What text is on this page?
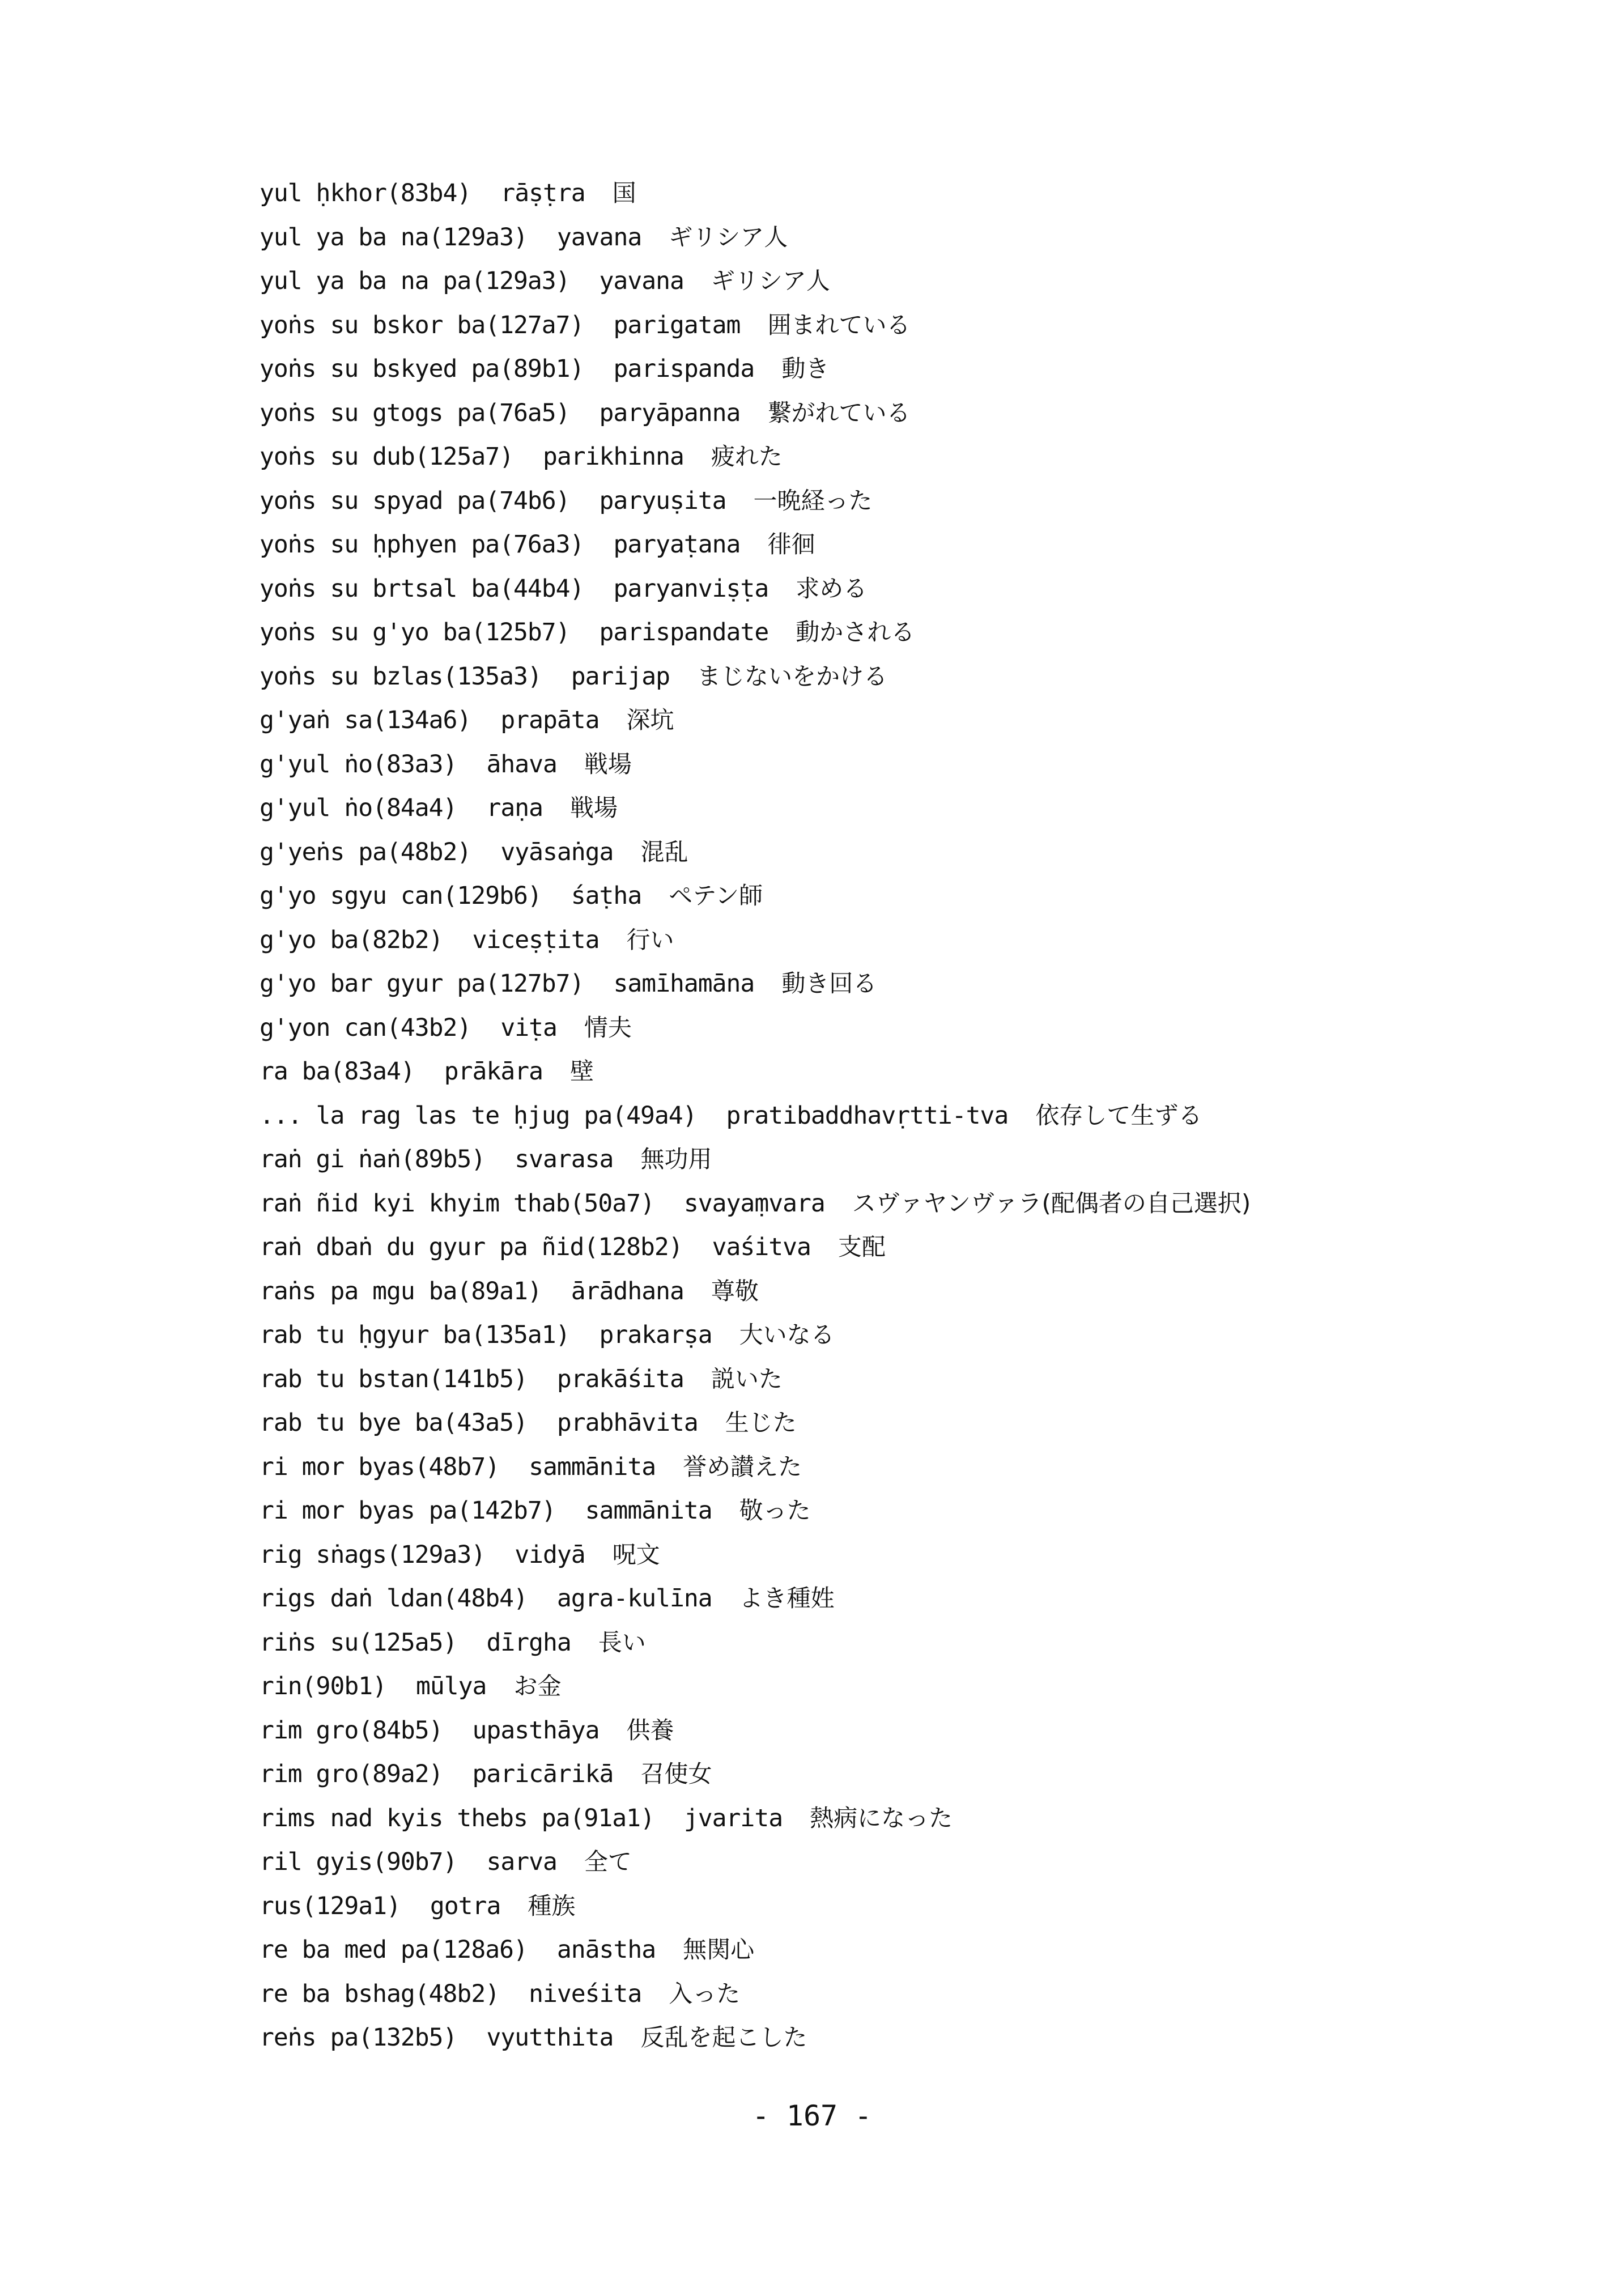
yul ḥkhor(83b4) rāṣṭra 国
yul ya ba na(129a3) yavana ギリシア人
yul ya ba na pa(129a3) yavana ギリシア人
yoṅs su bskor ba(127a7) parigatam 囲まれている
yoṅs su bskyed pa(89b1) parispanda 動き
yoṅs su gtogs pa(76a5) paryāpanna 繋がれている
yoṅs su dub(125a7) parikhinna 疲れた
yoṅs su spyad pa(74b6) paryuṣita 一晩経った
yoṅs su ḥphyen pa(76a3) paryaṭana 徘徊
yoṅs su brtsal ba(44b4) paryanviṣṭa 求める
yoṅs su g'yo ba(125b7) parispandate 動かされる
yoṅs su bzlas(135a3) parijap まじないをかける
g'yaṅ sa(134a6) prapāta 深坑
g'yul ṅo(83a3) āhava 戦場
g'yul ṅo(84a4) raṇa 戦場
g'yeṅs pa(48b2) vyāsaṅga 混乱
g'yo sgyu can(129b6) śaṭha ペテン師
g'yo ba(82b2) viceṣṭita 行い
g'yo bar gyur pa(127b7) samīhamāna 動き回る
g'yon can(43b2) viṭa 情夫
ra ba(83a4) prākāra 壁
... la rag las te ḥjug pa(49a4) pratibaddhavṛtti-tva 依存して生ずる
raṅ gi ṅaṅ(89b5) svarasa 無功用
raṅ ñid kyi khyim thab(50a7) svayaṃvara スヴァヤンヴァラ(配偶者の自己選択)
raṅ dbaṅ du gyur pa ñid(128b2) vaśitva 支配
raṅs pa mgu ba(89a1) ārādhana 尊敬
rab tu ḥgyur ba(135a1) prakarṣa 大いなる
rab tu bstan(141b5) prakāśita 説いた
rab tu bye ba(43a5) prabhāvita 生じた
ri mor byas(48b7) sammānita 誉め讃えた
ri mor byas pa(142b7) sammānita 敬った
rig sṅags(129a3) vidyā 呪文
rigs daṅ ldan(48b4) agra-kulīna よき種姓
riṅs su(125a5) dīrgha 長い
rin(90b1) mūlya お金
rim gro(84b5) upasthāya 供養
rim gro(89a2) paricārikā 召使女
rims nad kyis thebs pa(91a1) jvarita 熱病になった
ril gyis(90b7) sarva 全て
rus(129a1) gotra 種族
re ba med pa(128a6) anāstha 無関心
re ba bshag(48b2) niveśita 入った
reṅs pa(132b5) vyutthita 反乱を起こした
- 167 -
